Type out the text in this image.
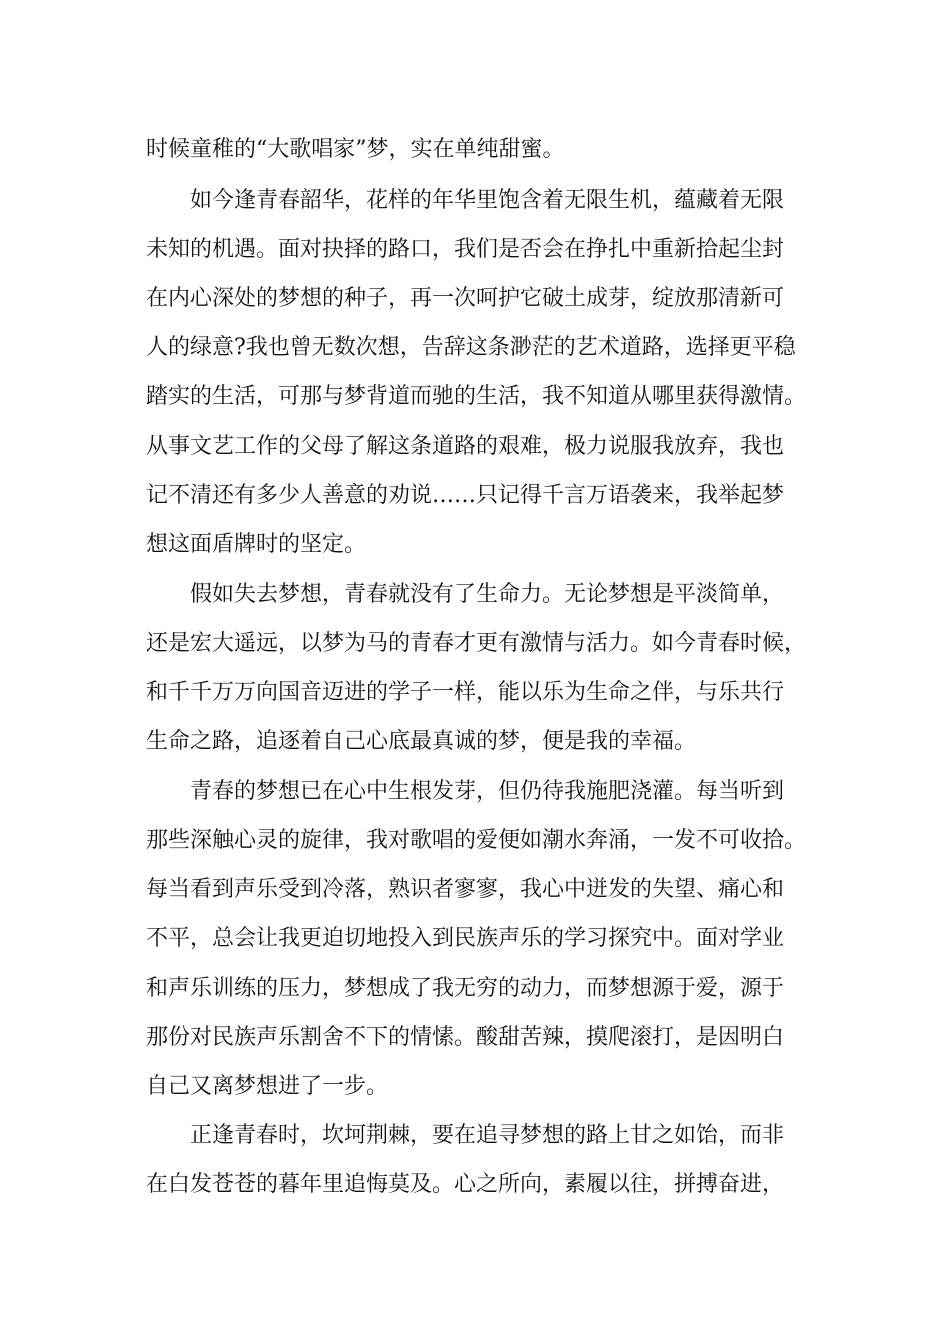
时候童稚的“大歌唱家”梦，实在单纯甜蜜。
如今逢青春韶华，花样的年华里饱含着无限生机，蕴藏着无限
未知的机遇。面对抉择的路口，我们是否会在挣扎中重新拾起尘封
在内心深处的梦想的种子，再一次呵护它破土成芽，绽放那清新可
人的绿意?我也曾无数次想，告辞这条渺茫的艺术道路，选择更平稳
踏实的生活，可那与梦背道而驰的生活，我不知道从哪里获得激情。
从事文艺工作的父母了解这条道路的艰难，极力说服我放弃，我也
记不清还有多少人善意的劝说……只记得千言万语袭来，我举起梦
想这面盾牌时的坚定。
假如失去梦想，青春就没有了生命力。无论梦想是平淡简单，
还是宏大遥远，以梦为马的青春才更有激情与活力。如今青春时候，
和千千万万向国音迈进的学子一样，能以乐为生命之伴，与乐共行
生命之路，追逐着自己心底最真诚的梦，便是我的幸福。
青春的梦想已在心中生根发芽，但仍待我施肥浇灌。每当听到
那些深触心灵的旋律，我对歌唱的爱便如潮水奔涌，一发不可收拾。
每当看到声乐受到冷落，熟识者寥寥，我心中迸发的失望、痛心和
不平，总会让我更迫切地投入到民族声乐的学习探究中。面对学业
和声乐训练的压力，梦想成了我无穷的动力，而梦想源于爱，源于
那份对民族声乐割舍不下的情愫。酸甜苦辣，摸爬滚打，是因明白
自己又离梦想进了一步。
正逢青春时，坎坷荆棘，要在追寻梦想的路上甘之如饴，而非
在白发苍苍的暮年里追悔莫及。心之所向，素履以往，拼搏奋进，
